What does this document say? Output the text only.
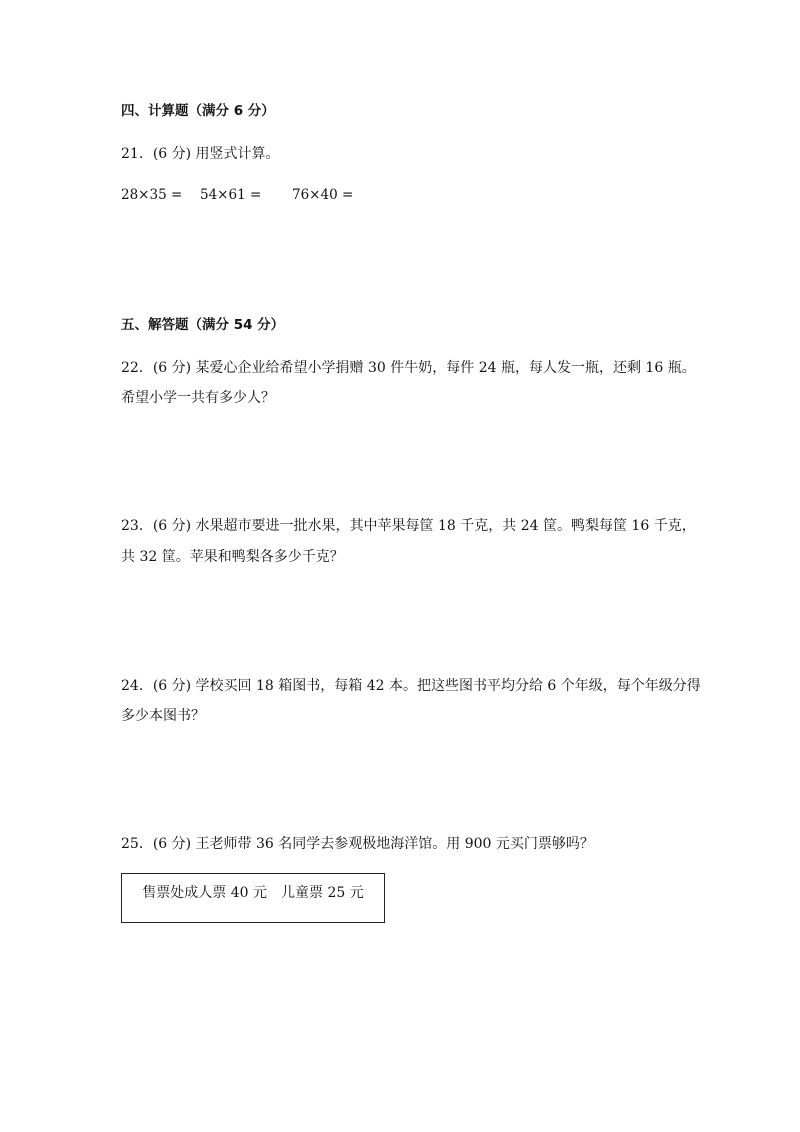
四、计算题（满分 6 分）
21．(6 分) 用竖式计算。
28×35 = 54×61 = 76×40 =
五、解答题（满分 54 分）
22．(6 分) 某爱心企业给希望小学捐赠 30 件牛奶，每件 24 瓶，每人发一瓶，还剩 16 瓶。
希望小学一共有多少人？
23．(6 分) 水果超市要进一批水果，其中苹果每筐 18 千克，共 24 筐。鸭梨每筐 16 千克，
共 32 筐。苹果和鸭梨各多少千克？
24．(6 分) 学校买回 18 箱图书，每箱 42 本。把这些图书平均分给 6 个年级，每个年级分得
多少本图书？
25．(6 分) 王老师带 36 名同学去参观极地海洋馆。用 900 元买门票够吗？
售票处成人票 40 元　儿童票 25 元
